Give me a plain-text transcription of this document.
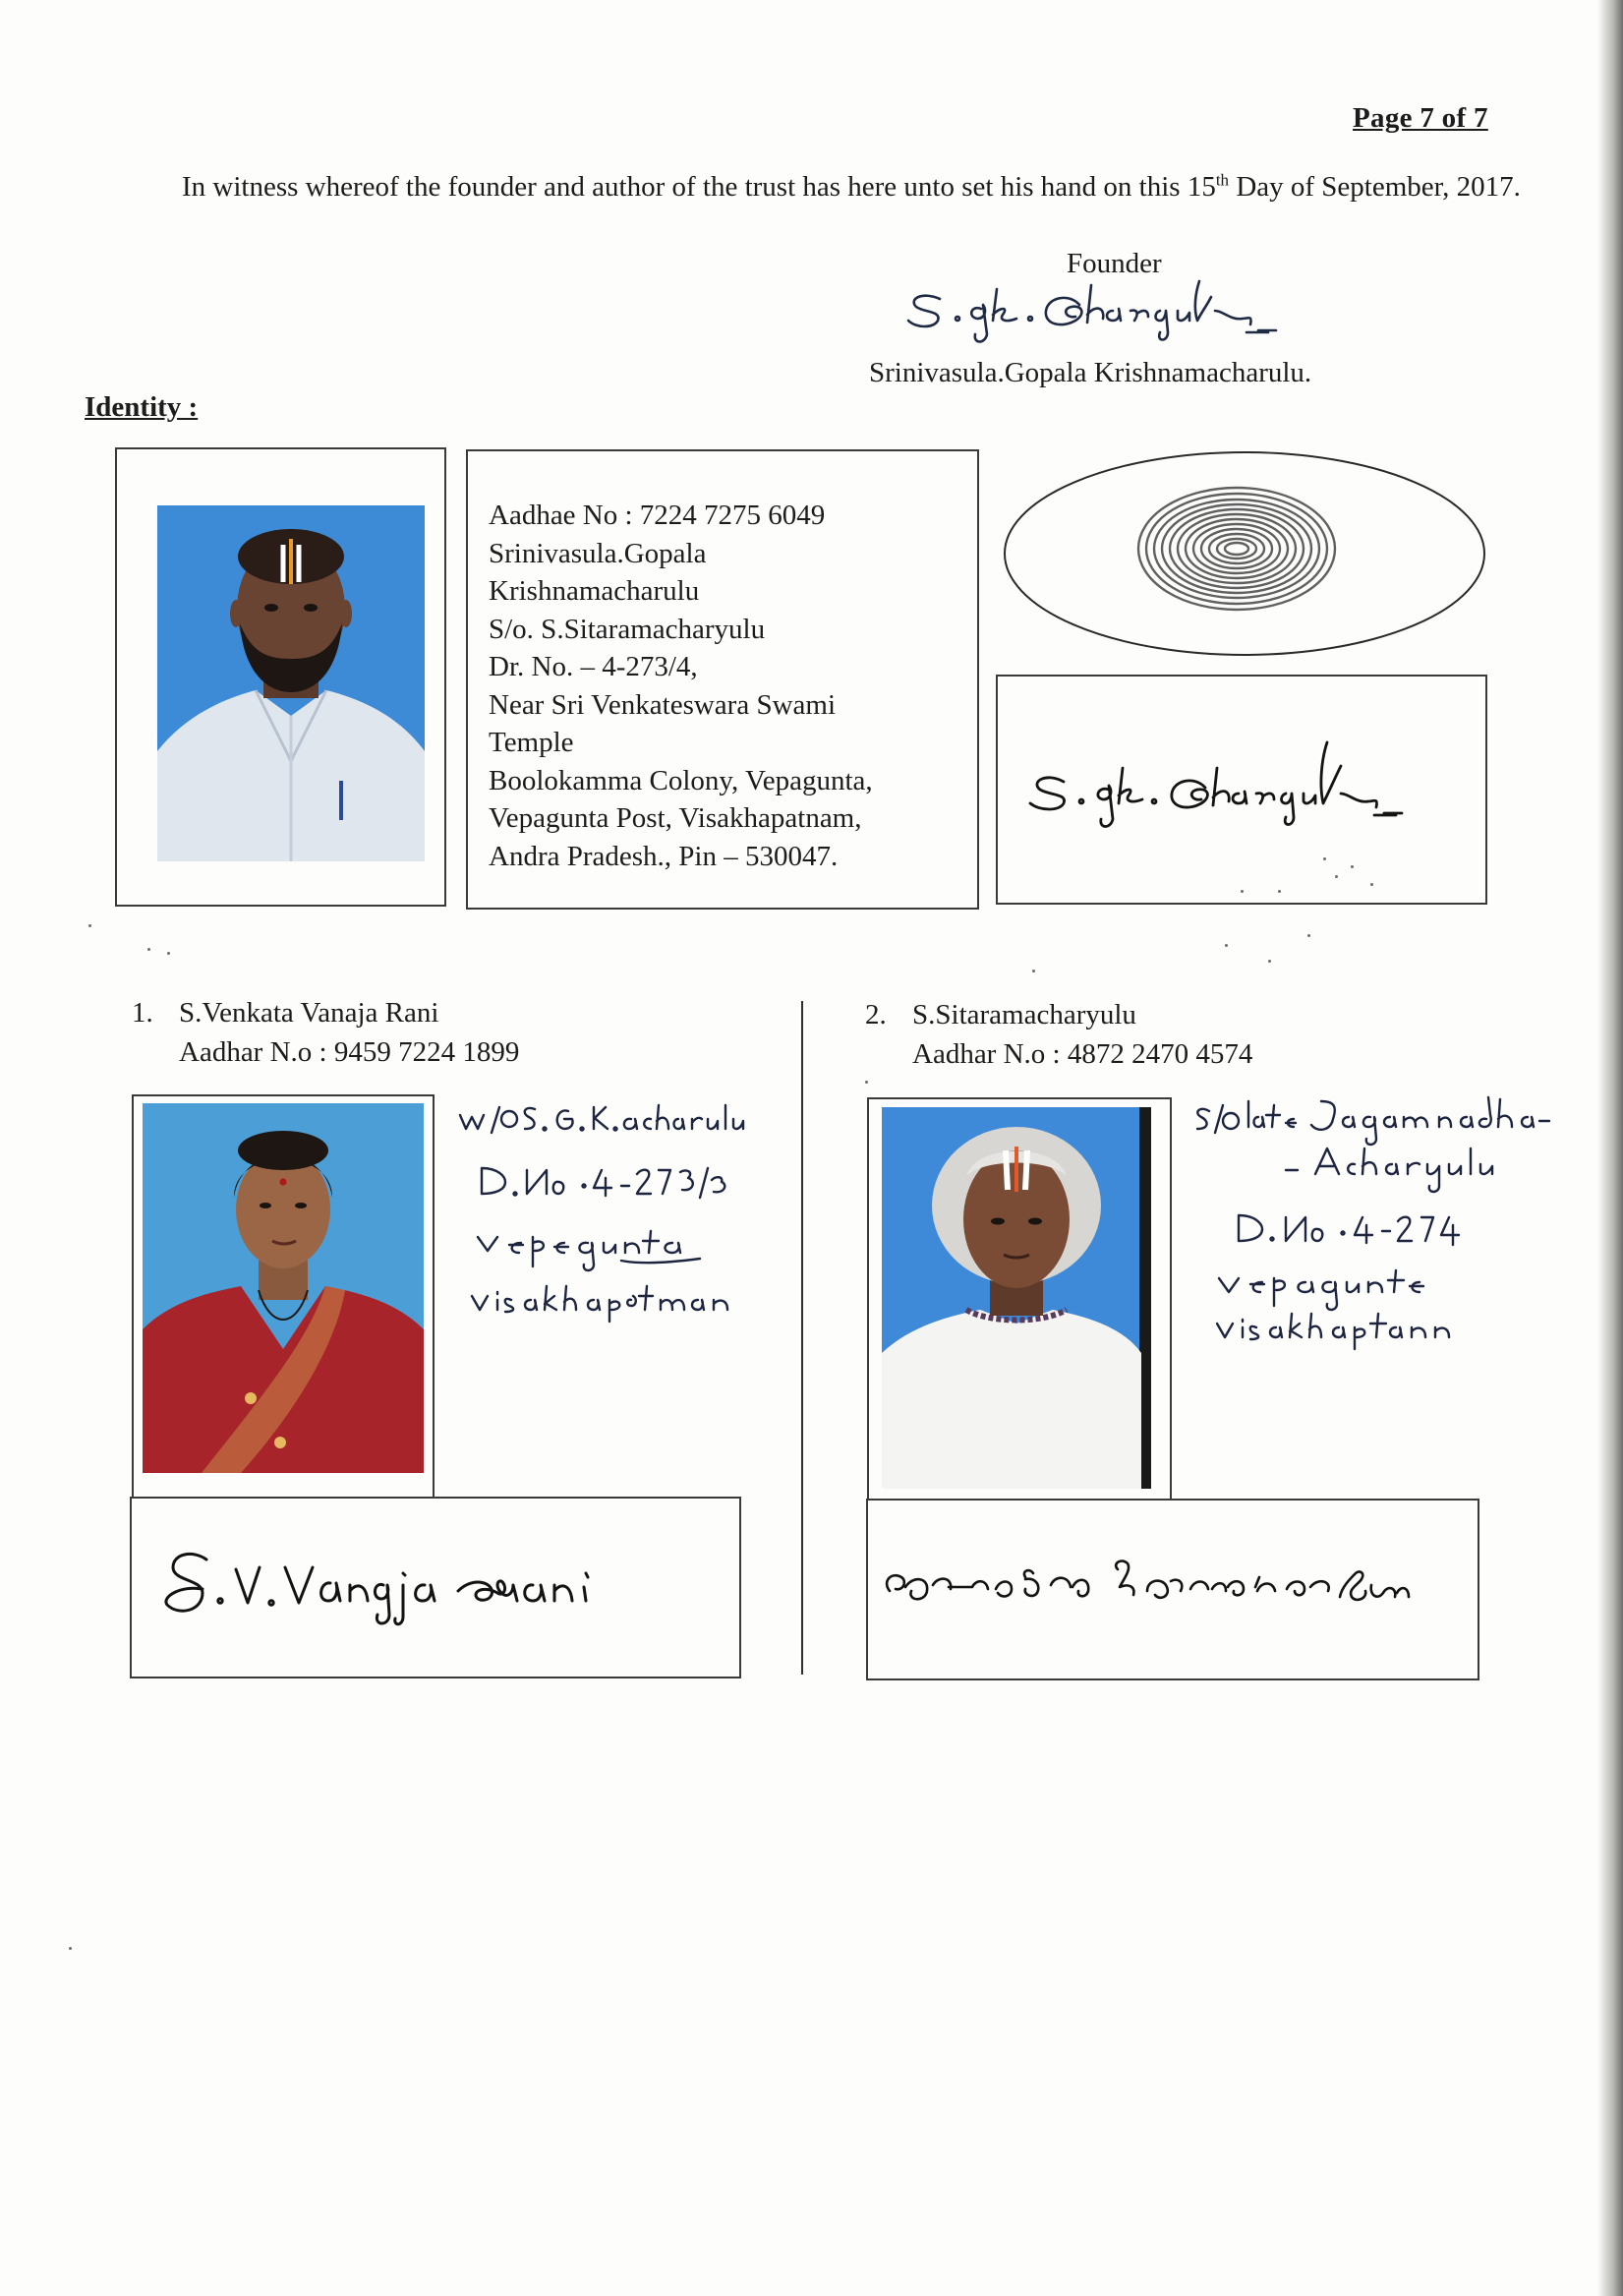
Page 7 of 7
In witness whereof the founder and author of the trust has here unto set his hand on this 15th Day of September, 2017.
Founder
Srinivasula.Gopala Krishnamacharulu.
Identity :
Aadhae No : 7224 7275 6049
Srinivasula.Gopala
Krishnamacharulu
S/o. S.Sitaramacharyulu
Dr. No. – 4-273/4,
Near Sri Venkateswara Swami
Temple
Boolokamma Colony, Vepagunta,
Vepagunta Post, Visakhapatnam,
Andra Pradesh., Pin – 530047.
1. S.Venkata Vanaja Rani
Aadhar N.o : 9459 7224 1899
2. S.Sitaramacharyulu
Aadhar N.o : 4872 2470 4574
